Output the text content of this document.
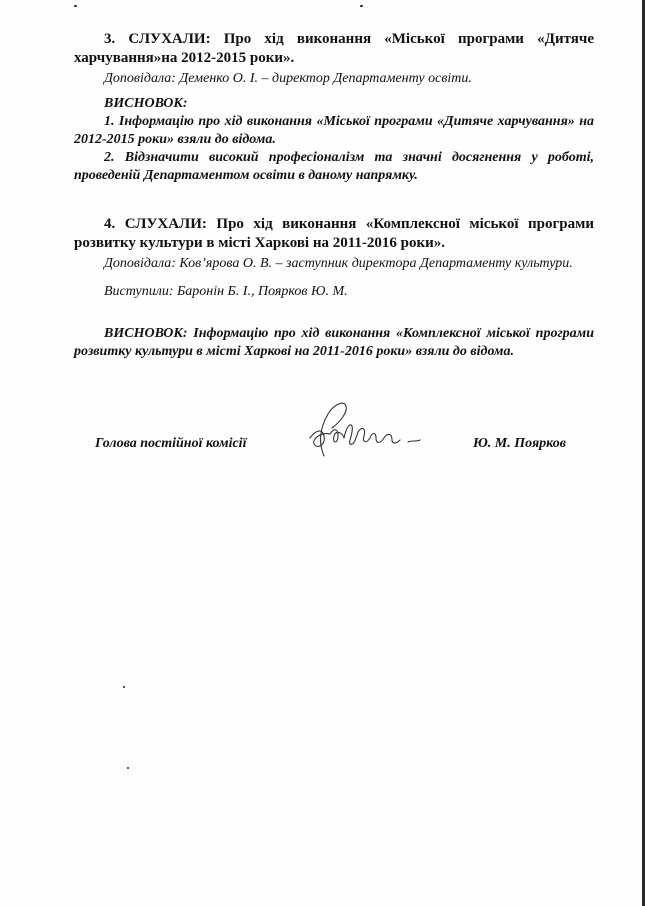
3. СЛУХАЛИ: Про хід виконання «Міської програми «Дитяче харчування»на 2012-2015 роки».
Доповідала: Деменко О. І. – директор Департаменту освіти.
ВИСНОВОК:
1. Інформацію про хід виконання «Міської програми «Дитяче харчування» на 2012-2015 роки» взяли до відома.
2. Відзначити високий професіоналізм та значні досягнення у роботі, проведеній Департаментом освіти в даному напрямку.
4. СЛУХАЛИ: Про хід виконання «Комплексної міської програми розвитку культури в місті Харкові на 2011-2016 роки».
Доповідала: Ков’ярова О. В. – заступник директора Департаменту культури.
Виступили: Баронін Б. І., Поярков Ю. М.
ВИСНОВОК: Інформацію про хід виконання «Комплексної міської програми розвитку культури в місті Харкові на 2011-2016 роки» взяли до відома.
Голова постійної комісії	Ю. М. Поярков
